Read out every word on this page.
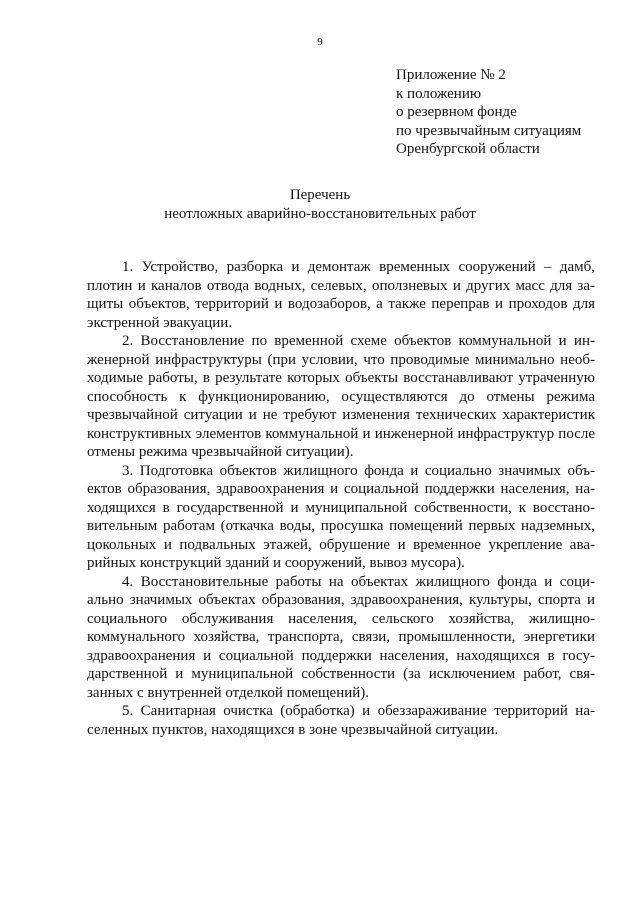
9
Приложение № 2
к положению
о резервном фонде
по чрезвычайным ситуациям
Оренбургской области
Перечень
неотложных аварийно-восстановительных работ

1. Устройство, разборка и демонтаж временных сооружений – дамб, плотин и каналов отвода водных, селевых, оползневых и других масс для защиты объектов, территорий и водозаборов, а также переправ и проходов для экстренной эвакуации.

2. Восстановление по временной схеме объектов коммунальной и инженерной инфраструктуры (при условии, что проводимые минимально необходимые работы, в результате которых объекты восстанавливают утраченную способность к функционированию, осуществляются до отмены режима чрезвычайной ситуации и не требуют изменения технических характеристик конструктивных элементов коммунальной и инженерной инфраструктур после отмены режима чрезвычайной ситуации).

3. Подготовка объектов жилищного фонда и социально значимых объектов образования, здравоохранения и социальной поддержки населения, находящихся в государственной и муниципальной собственности, к восстановительным работам (откачка воды, просушка помещений первых надземных, цокольных и подвальных этажей, обрушение и временное укрепление аварийных конструкций зданий и сооружений, вывоз мусора).

4. Восстановительные работы на объектах жилищного фонда и социально значимых объектах образования, здравоохранения, культуры, спорта и социального обслуживания населения, сельского хозяйства, жилищно-коммунального хозяйства, транспорта, связи, промышленности, энергетики здравоохранения и социальной поддержки населения, находящихся в государственной и муниципальной собственности (за исключением работ, связанных с внутренней отделкой помещений).

5. Санитарная очистка (обработка) и обеззараживание территорий населенных пунктов, находящихся в зоне чрезвычайной ситуации.
